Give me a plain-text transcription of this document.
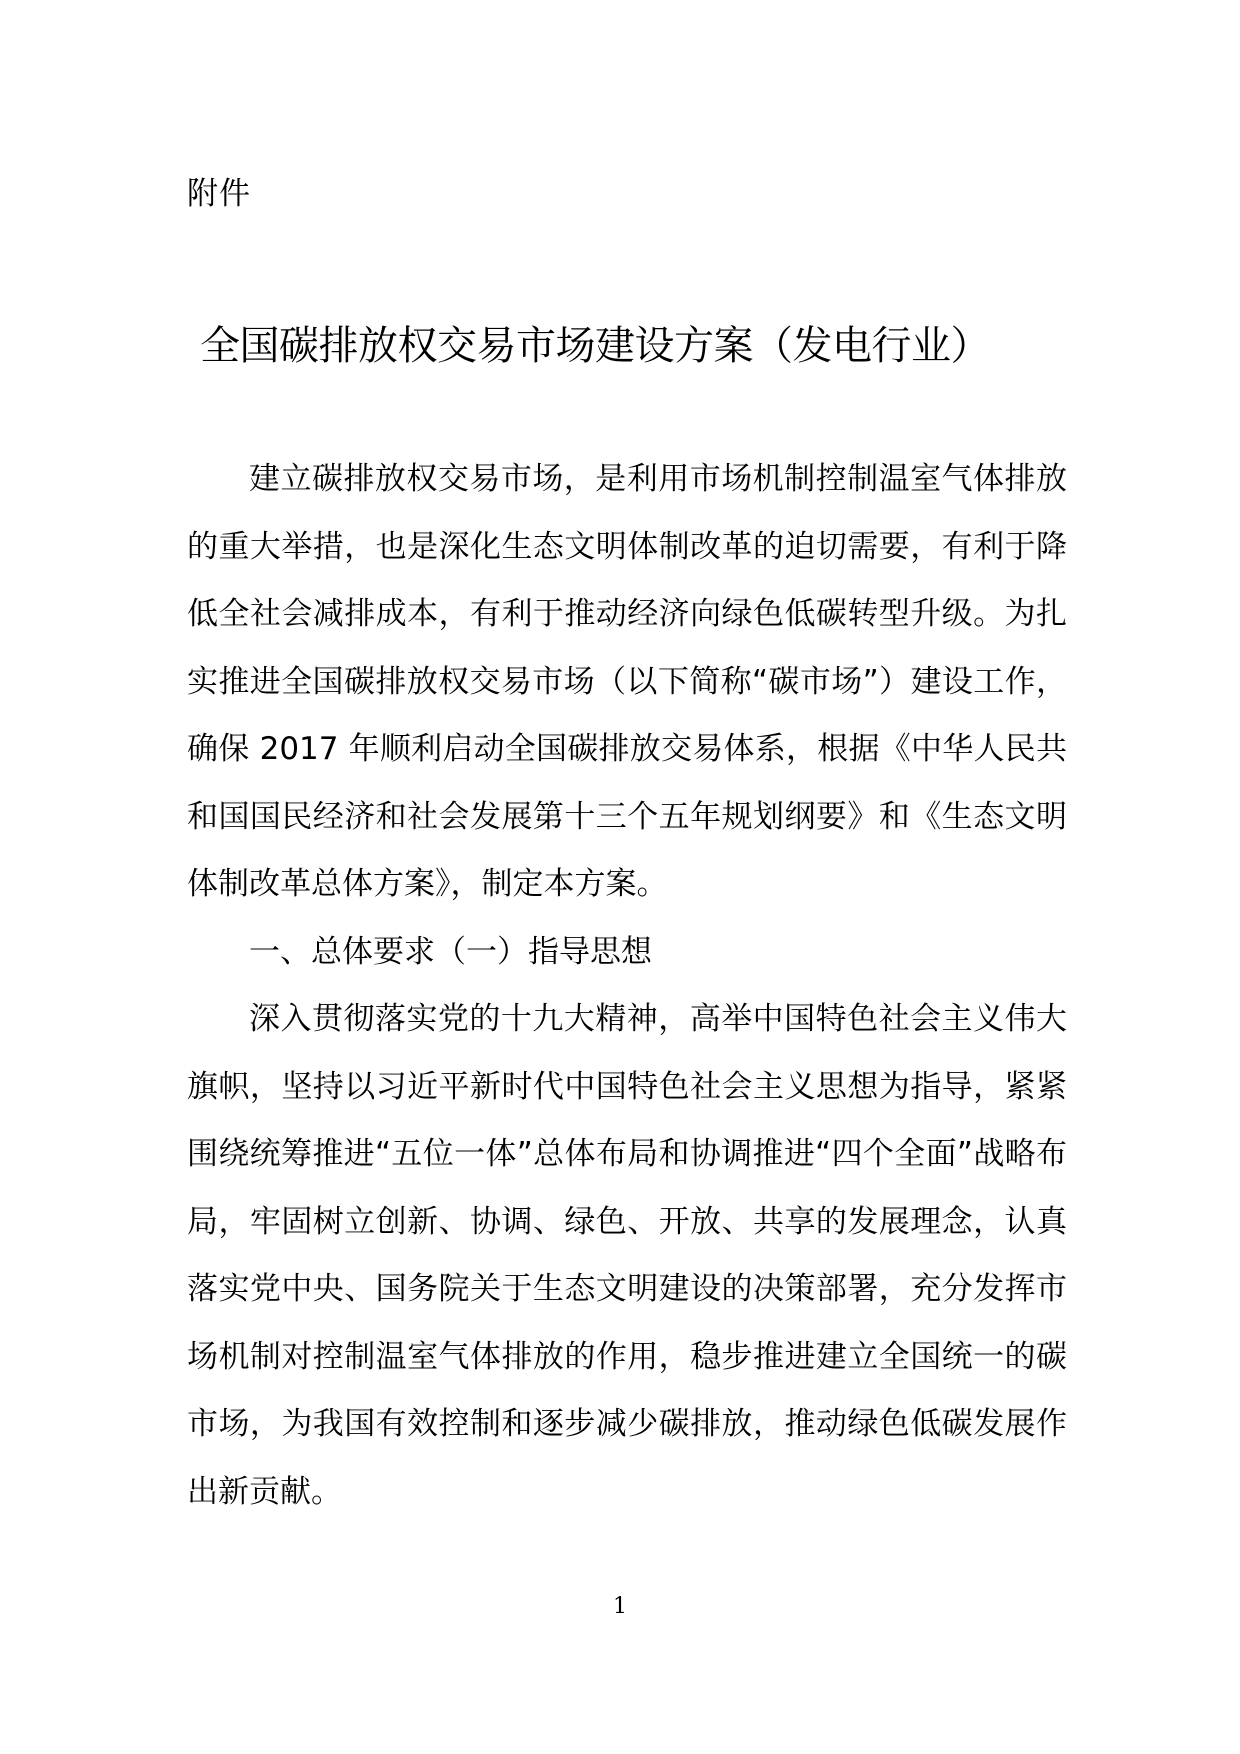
附件
全国碳排放权交易市场建设方案（发电行业）

建立碳排放权交易市场，是利用市场机制控制温室气体排放的重大举措，也是深化生态文明体制改革的迫切需要，有利于降低全社会减排成本，有利于推动经济向绿色低碳转型升级。为扎实推进全国碳排放权交易市场（以下简称“碳市场”）建设工作，确保 2017 年顺利启动全国碳排放交易体系，根据《中华人民共和国国民经济和社会发展第十三个五年规划纲要》和《生态文明体制改革总体方案》，制定本方案。

一、总体要求（一）指导思想

深入贯彻落实党的十九大精神，高举中国特色社会主义伟大旗帜，坚持以习近平新时代中国特色社会主义思想为指导，紧紧围绕统筹推进“五位一体”总体布局和协调推进“四个全面”战略布局，牢固树立创新、协调、绿色、开放、共享的发展理念，认真落实党中央、国务院关于生态文明建设的决策部署，充分发挥市场机制对控制温室气体排放的作用，稳步推进建立全国统一的碳市场，为我国有效控制和逐步减少碳排放，推动绿色低碳发展作出新贡献。

1
